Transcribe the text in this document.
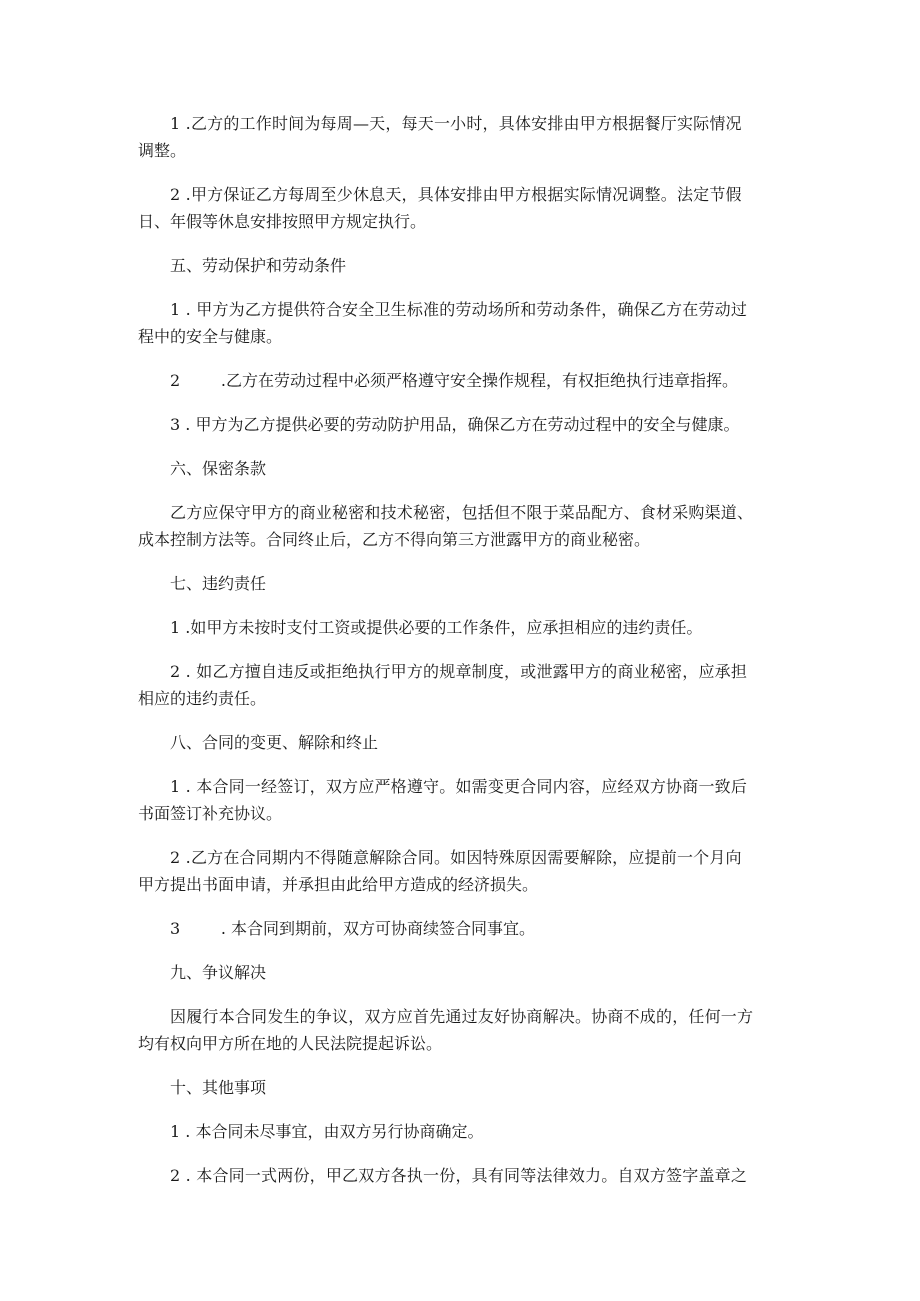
1 .乙方的工作时间为每周—天，每天一小时，具体安排由甲方根据餐厅实际情况
调整。
2 .甲方保证乙方每周至少休息天，具体安排由甲方根据实际情况调整。法定节假
日、年假等休息安排按照甲方规定执行。
五、劳动保护和劳动条件
1 . 甲方为乙方提供符合安全卫生标准的劳动场所和劳动条件，确保乙方在劳动过
程中的安全与健康。
2        .乙方在劳动过程中必须严格遵守安全操作规程，有权拒绝执行违章指挥。
3 . 甲方为乙方提供必要的劳动防护用品，确保乙方在劳动过程中的安全与健康。
六、保密条款
乙方应保守甲方的商业秘密和技术秘密，包括但不限于菜品配方、食材采购渠道、
成本控制方法等。合同终止后，乙方不得向第三方泄露甲方的商业秘密。
七、违约责任
1 .如甲方未按时支付工资或提供必要的工作条件，应承担相应的违约责任。
2 . 如乙方擅自违反或拒绝执行甲方的规章制度，或泄露甲方的商业秘密，应承担
相应的违约责任。
八、合同的变更、解除和终止
1 . 本合同一经签订，双方应严格遵守。如需变更合同内容，应经双方协商一致后
书面签订补充协议。
2 .乙方在合同期内不得随意解除合同。如因特殊原因需要解除，应提前一个月向
甲方提出书面申请，并承担由此给甲方造成的经济损失。
3        . 本合同到期前，双方可协商续签合同事宜。
九、争议解决
因履行本合同发生的争议，双方应首先通过友好协商解决。协商不成的，任何一方
均有权向甲方所在地的人民法院提起诉讼。
十、其他事项
1 . 本合同未尽事宜，由双方另行协商确定。
2 . 本合同一式两份，甲乙双方各执一份，具有同等法律效力。自双方签字盖章之
